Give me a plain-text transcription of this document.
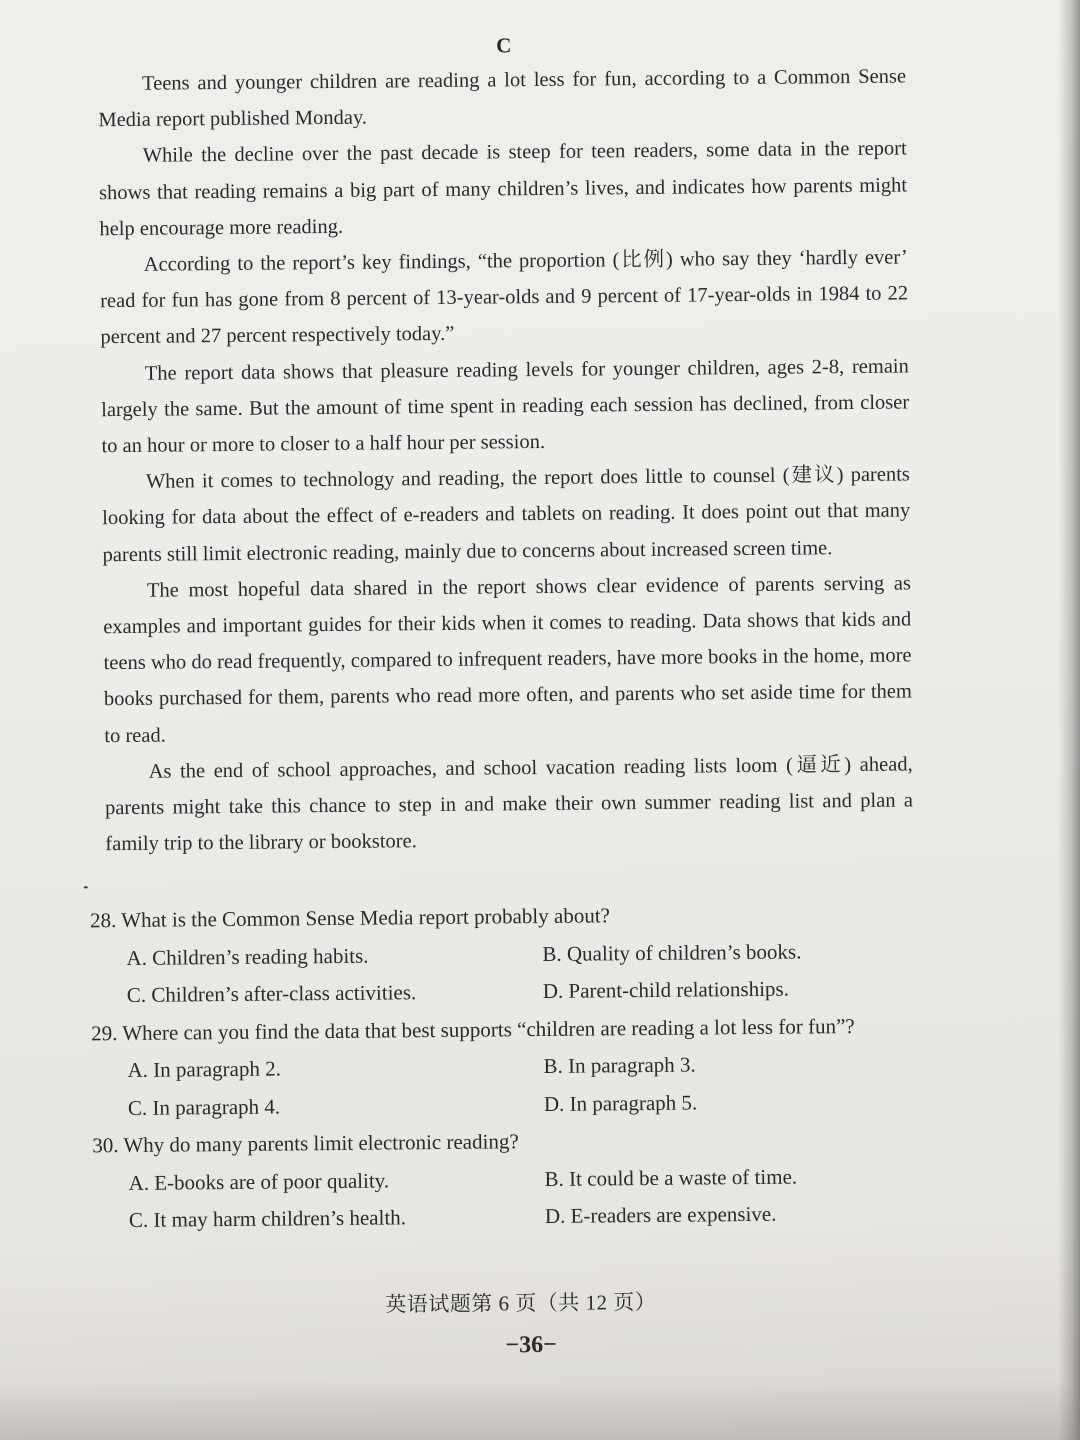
C

Teens and younger children are reading a lot less for fun, according to a Common Sense Media report published Monday.

While the decline over the past decade is steep for teen readers, some data in the report shows that reading remains a big part of many children’s lives, and indicates how parents might help encourage more reading.

According to the report’s key findings, “the proportion (比例) who say they ‘hardly ever’ read for fun has gone from 8 percent of 13-year-olds and 9 percent of 17-year-olds in 1984 to 22 percent and 27 percent respectively today.”

The report data shows that pleasure reading levels for younger children, ages 2-8, remain largely the same. But the amount of time spent in reading each session has declined, from closer to an hour or more to closer to a half hour per session.

When it comes to technology and reading, the report does little to counsel (建议) parents looking for data about the effect of e-readers and tablets on reading. It does point out that many parents still limit electronic reading, mainly due to concerns about increased screen time.

The most hopeful data shared in the report shows clear evidence of parents serving as examples and important guides for their kids when it comes to reading. Data shows that kids and teens who do read frequently, compared to infrequent readers, have more books in the home, more books purchased for them, parents who read more often, and parents who set aside time for them to read.

As the end of school approaches, and school vacation reading lists loom (逼近) ahead, parents might take this chance to step in and make their own summer reading list and plan a family trip to the library or bookstore.

28. What is the Common Sense Media report probably about?
A. Children’s reading habits.	B. Quality of children’s books.
C. Children’s after-class activities.	D. Parent-child relationships.
29. Where can you find the data that best supports “children are reading a lot less for fun”?
A. In paragraph 2.	B. In paragraph 3.
C. In paragraph 4.	D. In paragraph 5.
30. Why do many parents limit electronic reading?
A. E-books are of poor quality.	B. It could be a waste of time.
C. It may harm children’s health.	D. E-readers are expensive.
英语试题第 6 页（共 12 页）
−36−
